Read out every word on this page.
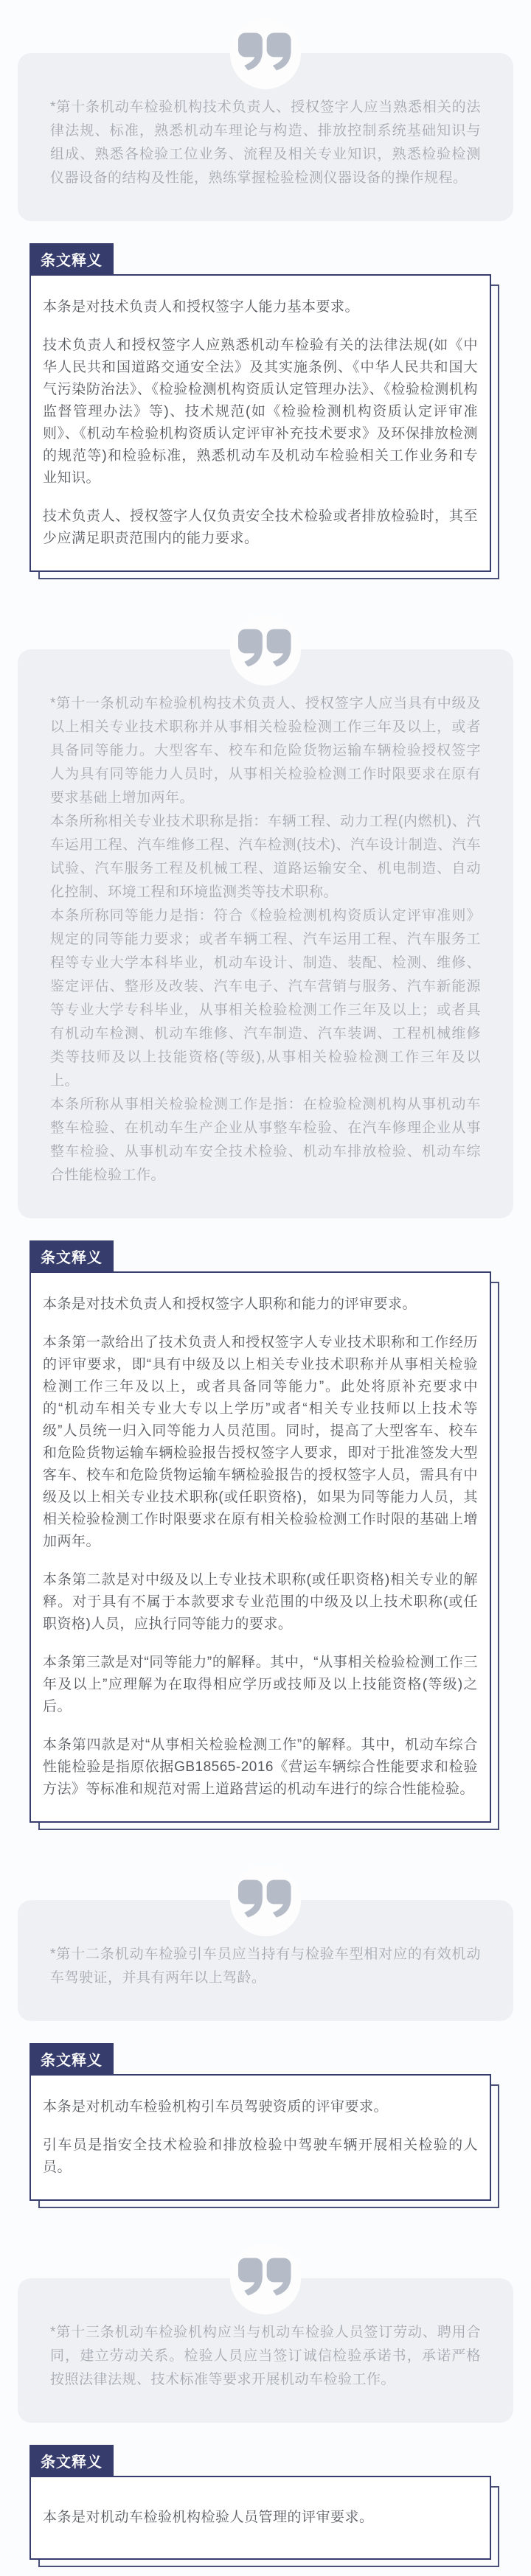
*第十条机动车检验机构技术负责人、授权签字人应当熟悉相关的法律法规、标准，熟悉机动车理论与构造、排放控制系统基础知识与组成、熟悉各检验工位业务、流程及相关专业知识，熟悉检验检测仪器设备的结构及性能，熟练掌握检验检测仪器设备的操作规程。

条文释义

本条是对技术负责人和授权签字人能力基本要求。

技术负责人和授权签字人应熟悉机动车检验有关的法律法规(如《中华人民共和国道路交通安全法》及其实施条例、《中华人民共和国大气污染防治法》、《检验检测机构资质认定管理办法》、《检验检测机构监督管理办法》等)、技术规范(如《检验检测机构资质认定评审准则》、《机动车检验机构资质认定评审补充技术要求》及环保排放检测的规范等)和检验标准，熟悉机动车及机动车检验相关工作业务和专业知识。

技术负责人、授权签字人仅负责安全技术检验或者排放检验时，其至少应满足职责范围内的能力要求。

*第十一条机动车检验机构技术负责人、授权签字人应当具有中级及以上相关专业技术职称并从事相关检验检测工作三年及以上，或者具备同等能力。大型客车、校车和危险货物运输车辆检验授权签字人为具有同等能力人员时，从事相关检验检测工作时限要求在原有要求基础上增加两年。

本条所称相关专业技术职称是指：车辆工程、动力工程(内燃机)、汽车运用工程、汽车维修工程、汽车检测(技术)、汽车设计制造、汽车试验、汽车服务工程及机械工程、道路运输安全、机电制造、自动化控制、环境工程和环境监测类等技术职称。

本条所称同等能力是指：符合《检验检测机构资质认定评审准则》规定的同等能力要求；或者车辆工程、汽车运用工程、汽车服务工程等专业大学本科毕业，机动车设计、制造、装配、检测、维修、鉴定评估、整形及改装、汽车电子、汽车营销与服务、汽车新能源等专业大学专科毕业，从事相关检验检测工作三年及以上；或者具有机动车检测、机动车维修、汽车制造、汽车装调、工程机械维修类等技师及以上技能资格(等级),从事相关检验检测工作三年及以上。

本条所称从事相关检验检测工作是指：在检验检测机构从事机动车整车检验、在机动车生产企业从事整车检验、在汽车修理企业从事整车检验、从事机动车安全技术检验、机动车排放检验、机动车综合性能检验工作。

条文释义

本条是对技术负责人和授权签字人职称和能力的评审要求。

本条第一款给出了技术负责人和授权签字人专业技术职称和工作经历的评审要求，即“具有中级及以上相关专业技术职称并从事相关检验检测工作三年及以上，或者具备同等能力”。此处将原补充要求中的“机动车相关专业大专以上学历”或者“相关专业技师以上技术等级”人员统一归入同等能力人员范围。同时，提高了大型客车、校车和危险货物运输车辆检验报告授权签字人要求，即对于批准签发大型客车、校车和危险货物运输车辆检验报告的授权签字人员，需具有中级及以上相关专业技术职称(或任职资格)，如果为同等能力人员，其相关检验检测工作时限要求在原有相关检验检测工作时限的基础上增加两年。

本条第二款是对中级及以上专业技术职称(或任职资格)相关专业的解释。对于具有不属于本款要求专业范围的中级及以上技术职称(或任职资格)人员，应执行同等能力的要求。

本条第三款是对“同等能力”的解释。其中，“从事相关检验检测工作三年及以上”应理解为在取得相应学历或技师及以上技能资格(等级)之后。

本条第四款是对“从事相关检验检测工作”的解释。其中，机动车综合性能检验是指原依据GB18565-2016《营运车辆综合性能要求和检验方法》等标准和规范对需上道路营运的机动车进行的综合性能检验。

*第十二条机动车检验引车员应当持有与检验车型相对应的有效机动车驾驶证，并具有两年以上驾龄。

条文释义

本条是对机动车检验机构引车员驾驶资质的评审要求。

引车员是指安全技术检验和排放检验中驾驶车辆开展相关检验的人员。

*第十三条机动车检验机构应当与机动车检验人员签订劳动、聘用合同，建立劳动关系。检验人员应当签订诚信检验承诺书，承诺严格按照法律法规、技术标准等要求开展机动车检验工作。

条文释义

本条是对机动车检验机构检验人员管理的评审要求。
